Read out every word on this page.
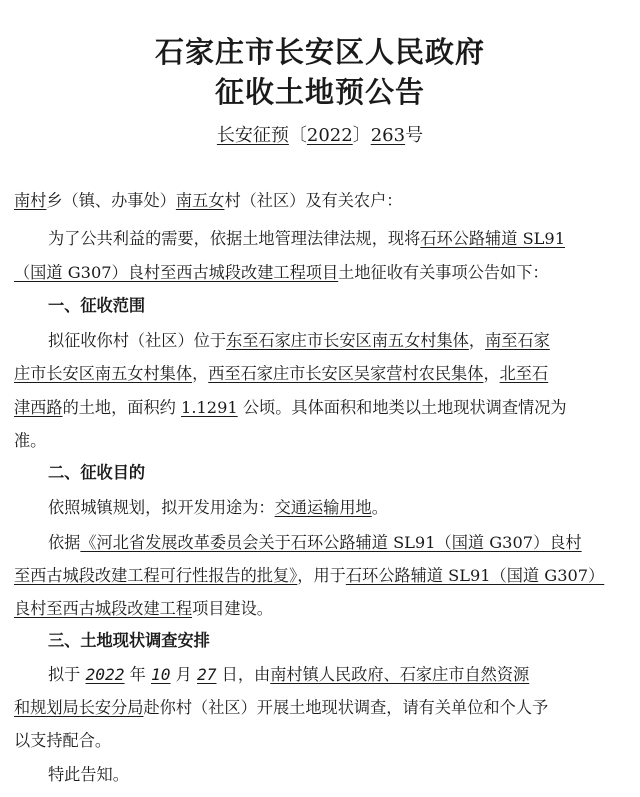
石家庄市长安区人民政府
征收土地预公告
长安征预〔2022〕263号
南村乡（镇、办事处）南五女村（社区）及有关农户：
为了公共利益的需要，依据土地管理法律法规，现将石环公路辅道 SL91
（国道 G307）良村至西古城段改建工程项目土地征收有关事项公告如下：
一、征收范围
拟征收你村（社区）位于东至石家庄市长安区南五女村集体，南至石家
庄市长安区南五女村集体，西至石家庄市长安区吴家营村农民集体，北至石
津西路的土地，面积约 1.1291 公顷。具体面积和地类以土地现状调查情况为
准。
二、征收目的
依照城镇规划，拟开发用途为：交通运输用地。
依据《河北省发展改革委员会关于石环公路辅道 SL91（国道 G307）良村
至西古城段改建工程可行性报告的批复》，用于石环公路辅道 SL91（国道 G307）
良村至西古城段改建工程项目建设。
三、土地现状调查安排
拟于 2022 年 10 月 27 日，由南村镇人民政府、石家庄市自然资源
和规划局长安分局赴你村（社区）开展土地现状调查，请有关单位和个人予
以支持配合。
特此告知。
